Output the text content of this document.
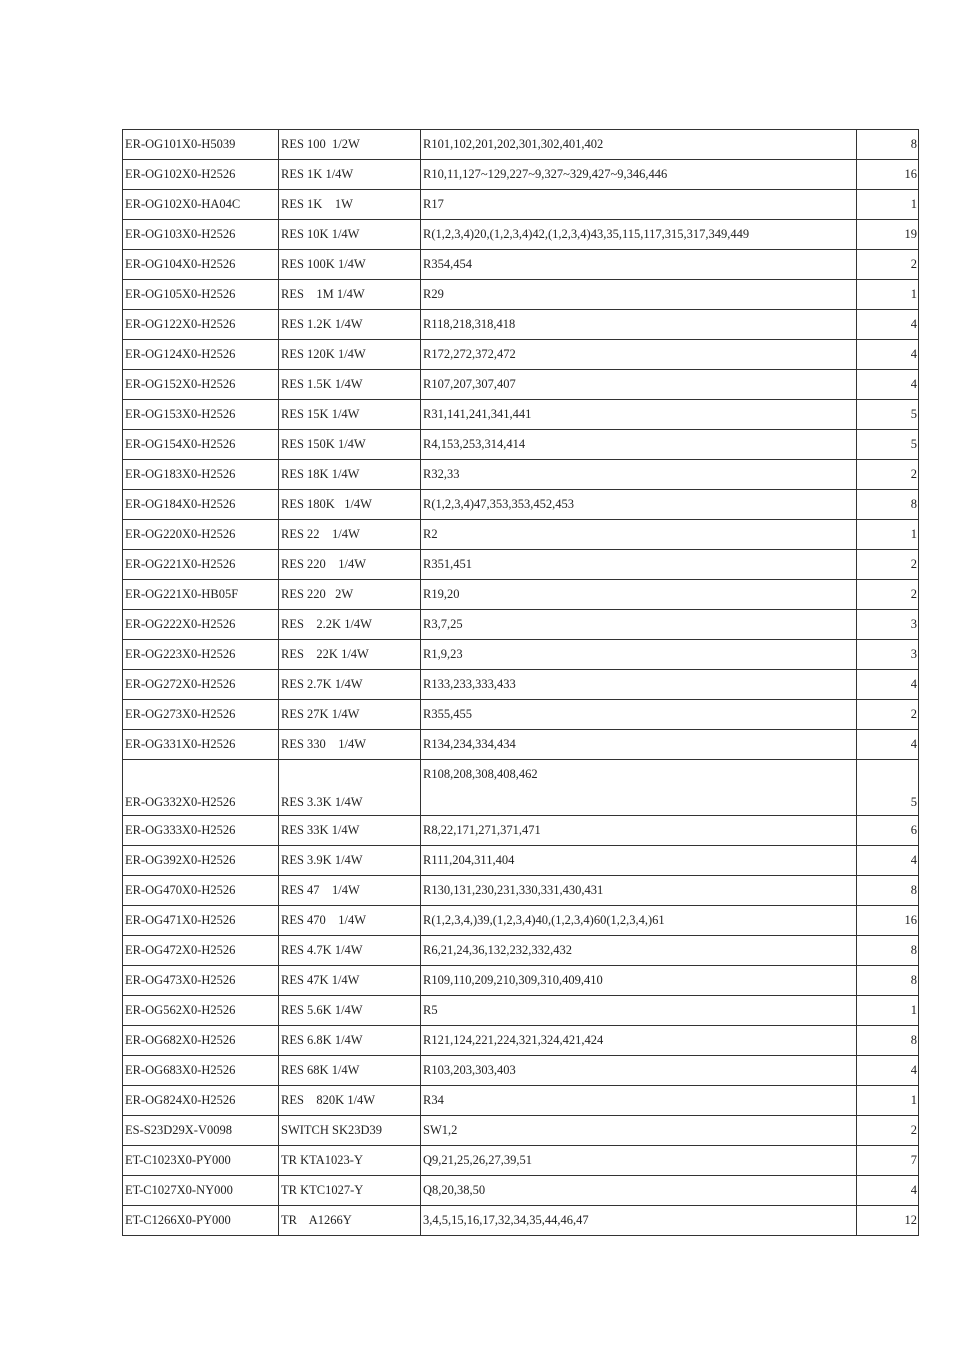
ER-OG101X0-H5039	RES 100  1/2W	R101,102,201,202,301,302,401,402	8
ER-OG102X0-H2526	RES 1K 1/4W	R10,11,127~129,227~9,327~329,427~9,346,446	16
ER-OG102X0-HA04C	RES 1K    1W	R17	1
ER-OG103X0-H2526	RES 10K 1/4W	R(1,2,3,4)20,(1,2,3,4)42,(1,2,3,4)43,35,115,117,315,317,349,449	19
ER-OG104X0-H2526	RES 100K 1/4W	R354,454	2
ER-OG105X0-H2526	RES    1M 1/4W	R29	1
ER-OG122X0-H2526	RES 1.2K 1/4W	R118,218,318,418	4
ER-OG124X0-H2526	RES 120K 1/4W	R172,272,372,472	4
ER-OG152X0-H2526	RES 1.5K 1/4W	R107,207,307,407	4
ER-OG153X0-H2526	RES 15K 1/4W	R31,141,241,341,441	5
ER-OG154X0-H2526	RES 150K 1/4W	R4,153,253,314,414	5
ER-OG183X0-H2526	RES 18K 1/4W	R32,33	2
ER-OG184X0-H2526	RES 180K   1/4W	R(1,2,3,4)47,353,353,452,453	8
ER-OG220X0-H2526	RES 22    1/4W	R2	1
ER-OG221X0-H2526	RES 220    1/4W	R351,451	2
ER-OG221X0-HB05F	RES 220   2W	R19,20	2
ER-OG222X0-H2526	RES    2.2K 1/4W	R3,7,25	3
ER-OG223X0-H2526	RES    22K 1/4W	R1,9,23	3
ER-OG272X0-H2526	RES 2.7K 1/4W	R133,233,333,433	4
ER-OG273X0-H2526	RES 27K 1/4W	R355,455	2
ER-OG331X0-H2526	RES 330    1/4W	R134,234,334,434	4
ER-OG332X0-H2526	RES 3.3K 1/4W	R108,208,308,408,462	5
ER-OG333X0-H2526	RES 33K 1/4W	R8,22,171,271,371,471	6
ER-OG392X0-H2526	RES 3.9K 1/4W	R111,204,311,404	4
ER-OG470X0-H2526	RES 47    1/4W	R130,131,230,231,330,331,430,431	8
ER-OG471X0-H2526	RES 470    1/4W	R(1,2,3,4,)39,(1,2,3,4)40,(1,2,3,4)60(1,2,3,4,)61	16
ER-OG472X0-H2526	RES 4.7K 1/4W	R6,21,24,36,132,232,332,432	8
ER-OG473X0-H2526	RES 47K 1/4W	R109,110,209,210,309,310,409,410	8
ER-OG562X0-H2526	RES 5.6K 1/4W	R5	1
ER-OG682X0-H2526	RES 6.8K 1/4W	R121,124,221,224,321,324,421,424	8
ER-OG683X0-H2526	RES 68K 1/4W	R103,203,303,403	4
ER-OG824X0-H2526	RES    820K 1/4W	R34	1
ES-S23D29X-V0098	SWITCH SK23D39	SW1,2	2
ET-C1023X0-PY000	TR KTA1023-Y	Q9,21,25,26,27,39,51	7
ET-C1027X0-NY000	TR KTC1027-Y	Q8,20,38,50	4
ET-C1266X0-PY000	TR    A1266Y	3,4,5,15,16,17,32,34,35,44,46,47	12
